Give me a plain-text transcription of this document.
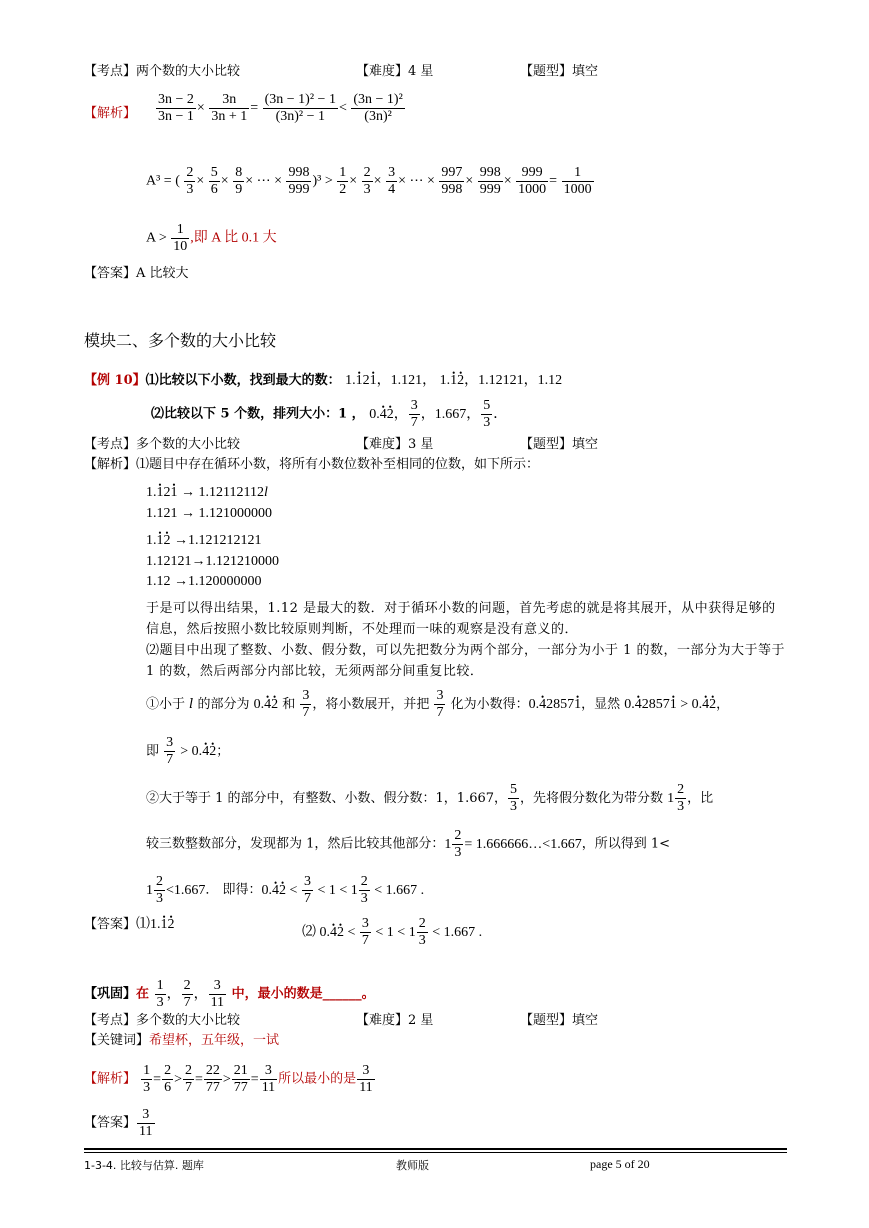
【考点】两个数的大小比较	【难度】4 星	【题型】填空
【解析】 $\frac{3n - 2}{3n - 1} \times \frac{3n}{3n + 1} = \frac{\text{(3n − 1)² − 1}}{\text{(3n)² − 1}} < \frac{\text{(3n − 1)²}}{\text{(3n)²}}$
A³ = ( $\frac{2}{3} \times \frac{5}{6} \times \frac{8}{9}$ × ⋯ × $\frac{998}{999} )^3 > \frac{1}{2} \times \frac{2}{3} \times \frac{3}{4}$ × ⋯ × $\frac{997}{998} \times \frac{998}{999} \times \frac{999}{1000} = \frac{1}{1000}$
$A > \frac{1}{10}$ ,即 A 比 0.1 大
【答案】A 比较大
模块二、多个数的大小比较
【例 10】⑴比较以下小数，找到最大的数： 1.• 12• 1，1.121， 1.• 1• 2，1.12121，1.12
⑵比较以下 5 个数，排列大小：1 ， 0.• 4• 2， $\frac{3}{7}$ ，1.667， $\frac{5}{3}$ ．
【考点】多个数的大小比较	【难度】3 星	【题型】填空
【解析】⑴题目中存在循环小数，将所有小数位数补至相同的位数，如下所示：
1.• 12• 1 → 1.12112112l
1.121 → 1.121000000
1.• 1• 2 →1.121212121
1.12121→1.121210000
1.12 →1.120000000
于是可以得出结果，1.12 是最大的数．对于循环小数的问题，首先考虑的就是将其展开，从中获得足够的信息，然后按照小数比较原则判断，不处理而一味的观察是没有意义的．
⑵题目中出现了整数、小数、假分数，可以先把数分为两个部分，一部分为小于 1 的数，一部分为大于等于 1 的数，然后两部分内部比较，无须两部分间重复比较．
①小于 l 的部分为 0.• 4• 2 和 $\frac{3}{7}$ ，将小数展开，并把 $\frac{3}{7}$ 化为小数得：0.• 42857• 1，显然 0.• 42857• 1 > 0.• 4• 2，
即 $\frac{3}{7}$ > 0.• 4• 2；
②大于等于 1 的部分中，有整数、小数、假分数：1，1.667， $\frac{5}{3}$ ，先将假分数化为带分数 $1 \frac{2}{3}$ ，比
较三数整数部分，发现都为 1，然后比较其他部分：$1 \frac{2}{3}$ = 1.666666…<1.667，所以得到 1<
$1 \frac{2}{3} <1.667$． 即得：0.• 4• $2 < \frac{3}{7} < 1 < 1 \frac{2}{3} < 1.667$ .
【答案】⑴1.• 1• 2
⑵ 0.• 4• $2 < \frac{3}{7} < 1 < 1 \frac{2}{3} < 1.667$ .
【巩固】在 $\frac{1}{3}$ ， $\frac{2}{7}$ ， $\frac{3}{11}$ 中，最小的数是______。
【考点】多个数的大小比较	【难度】2 星	【题型】填空
【关键词】希望杯，五年级，一试
【解析】 $\frac{1}{3} = \frac{2}{6} > \frac{2}{7} = \frac{22}{77} > \frac{21}{77} = \frac{3}{11}$ 所以最小的是 $\frac{3}{11}$
【答案】 $\frac{3}{11}$
1-3-4. 比较与估算. 题库	教师版	page 5 of 20
